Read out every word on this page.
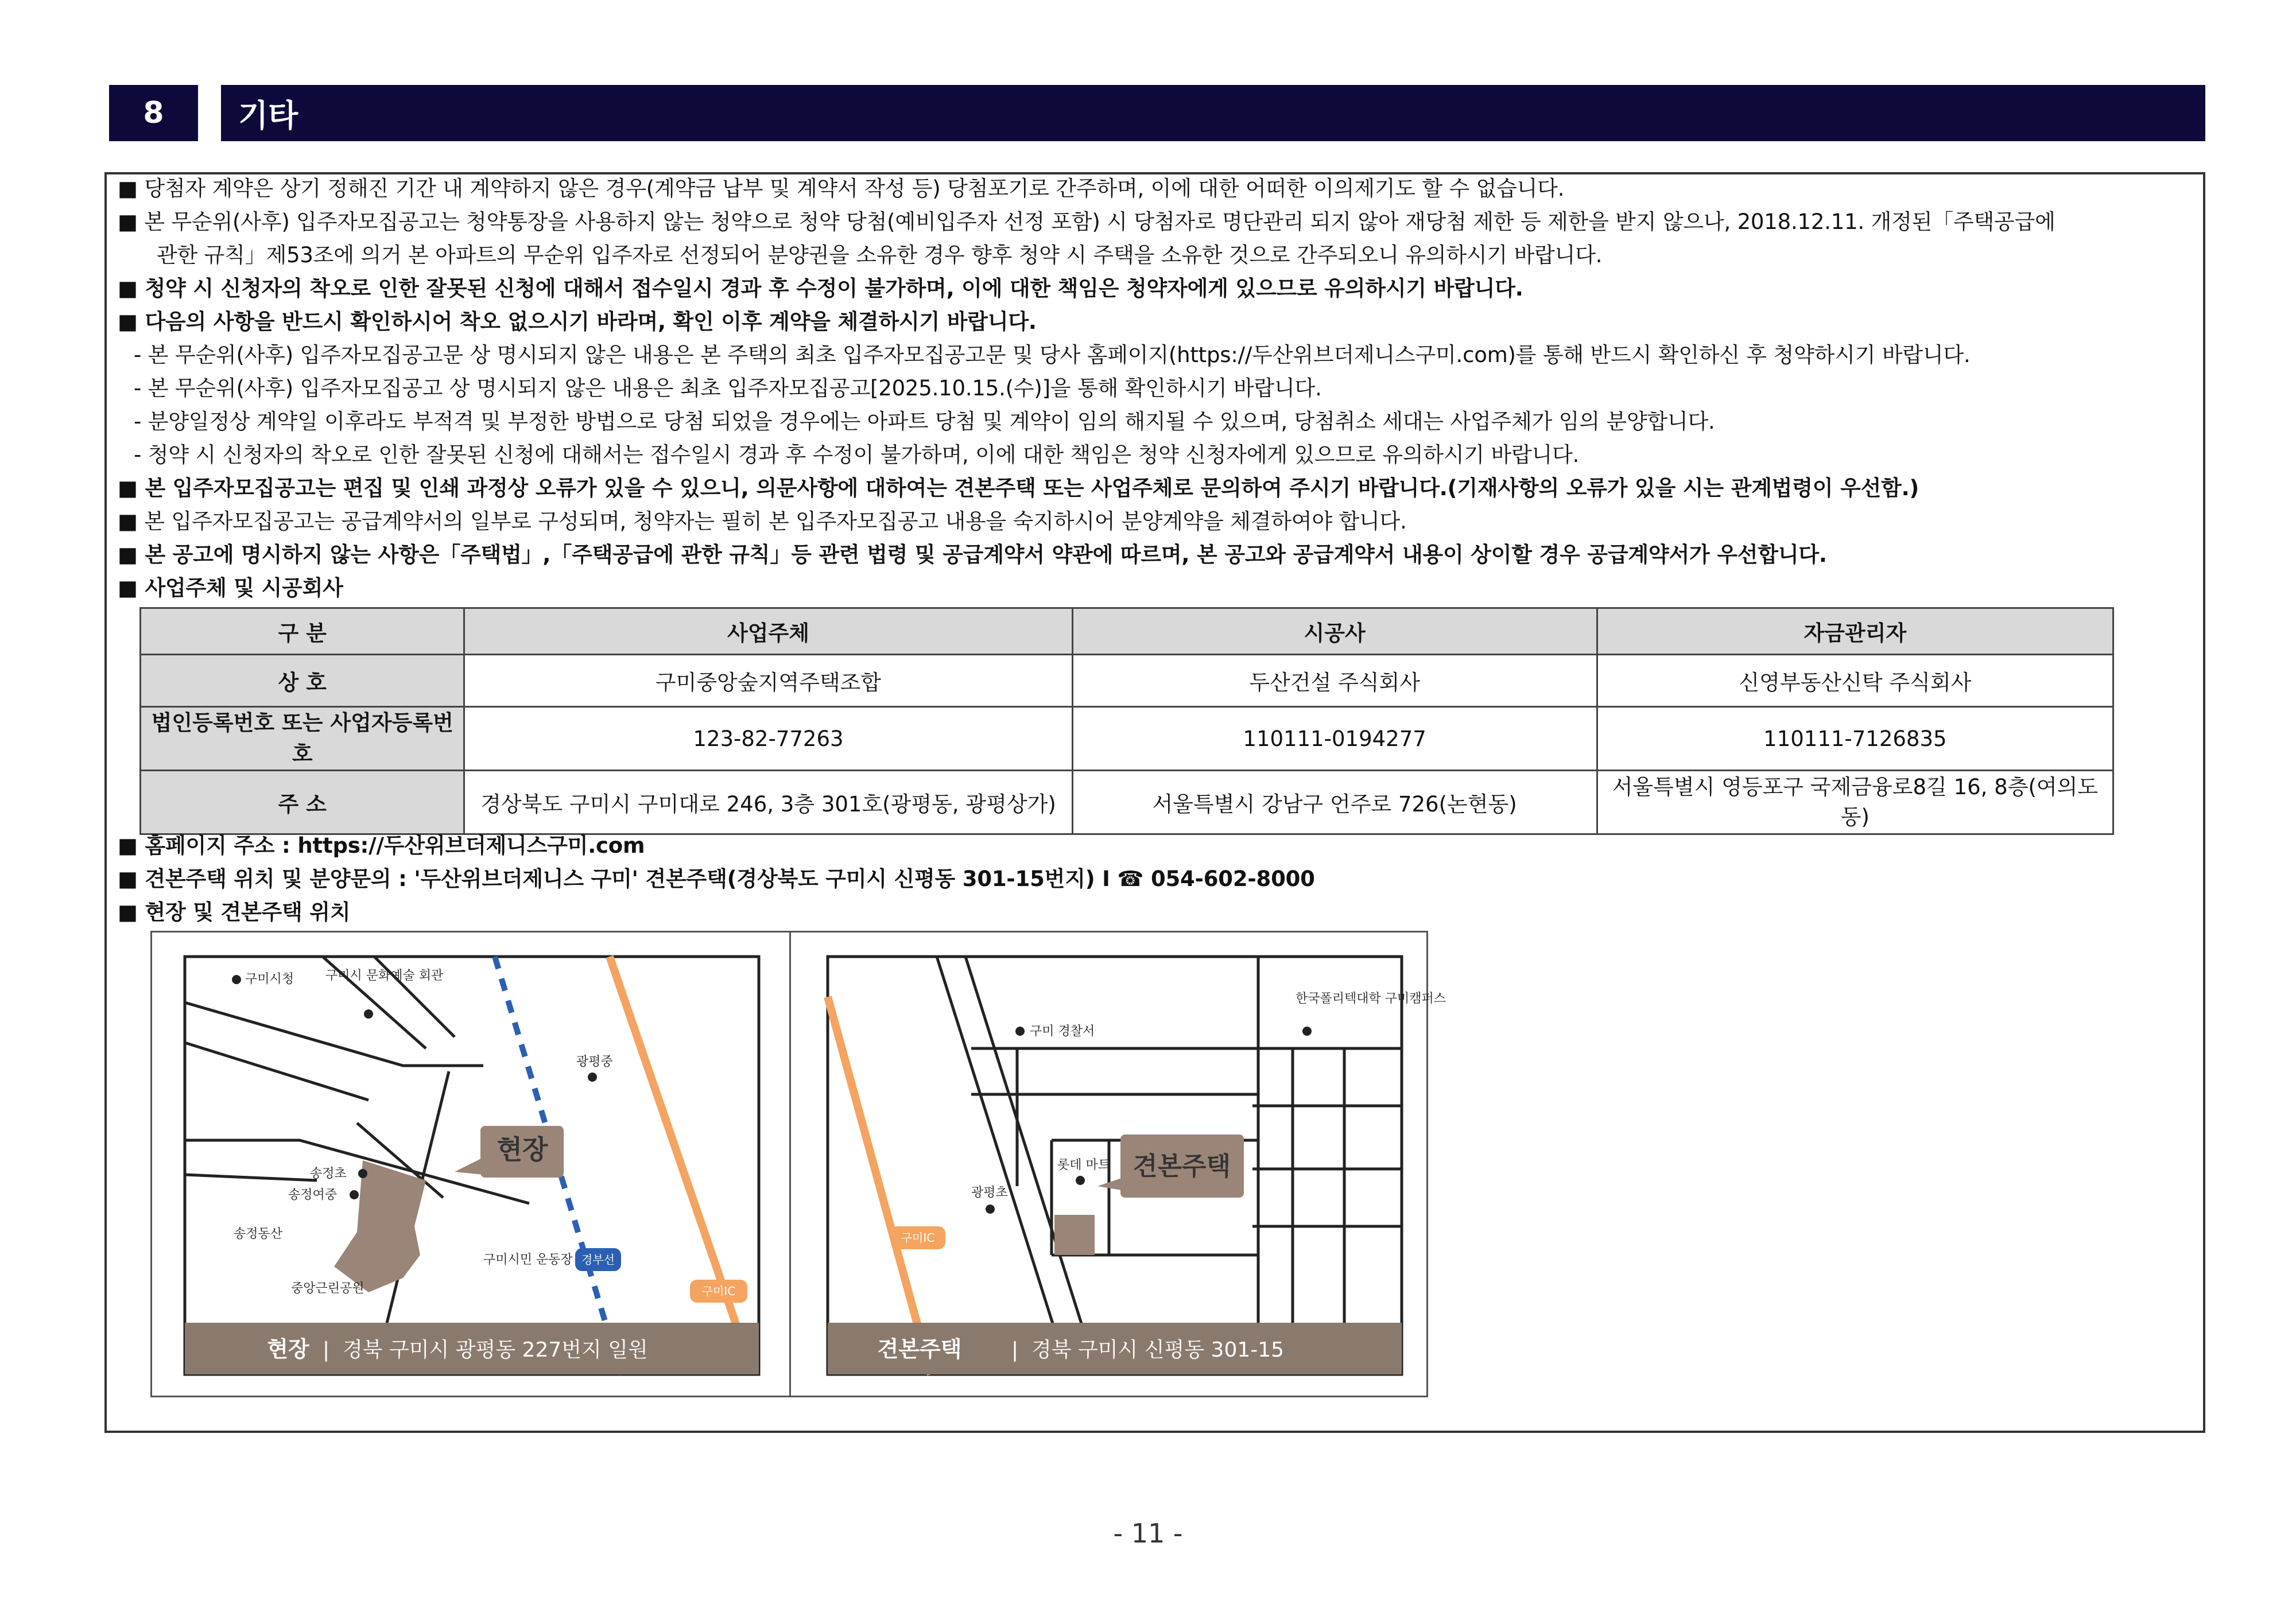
8	기타
■ 당첨자 계약은 상기 정해진 기간 내 계약하지 않은 경우(계약금 납부 및 계약서 작성 등) 당첨포기로 간주하며, 이에 대한 어떠한 이의제기도 할 수 없습니다.
■ 본 무순위(사후) 입주자모집공고는 청약통장을 사용하지 않는 청약으로 청약 당첨(예비입주자 선정 포함) 시 당첨자로 명단관리 되지 않아 재당첨 제한 등 제한을 받지 않으나, 2018.12.11. 개정된「주택공급에
관한 규칙」제53조에 의거 본 아파트의 무순위 입주자로 선정되어 분양권을 소유한 경우 향후 청약 시 주택을 소유한 것으로 간주되오니 유의하시기 바랍니다.
■ 청약 시 신청자의 착오로 인한 잘못된 신청에 대해서 접수일시 경과 후 수정이 불가하며, 이에 대한 책임은 청약자에게 있으므로 유의하시기 바랍니다.
■ 다음의 사항을 반드시 확인하시어 착오 없으시기 바라며, 확인 이후 계약을 체결하시기 바랍니다.
- 본 무순위(사후) 입주자모집공고문 상 명시되지 않은 내용은 본 주택의 최초 입주자모집공고문 및 당사 홈페이지(https://두산위브더제니스구미.com)를 통해 반드시 확인하신 후 청약하시기 바랍니다.
- 본 무순위(사후) 입주자모집공고 상 명시되지 않은 내용은 최초 입주자모집공고[2025.10.15.(수)]을 통해 확인하시기 바랍니다.
- 분양일정상 계약일 이후라도 부적격 및 부정한 방법으로 당첨 되었을 경우에는 아파트 당첨 및 계약이 임의 해지될 수 있으며, 당첨취소 세대는 사업주체가 임의 분양합니다.
- 청약 시 신청자의 착오로 인한 잘못된 신청에 대해서는 접수일시 경과 후 수정이 불가하며, 이에 대한 책임은 청약 신청자에게 있으므로 유의하시기 바랍니다.
■ 본 입주자모집공고는 편집 및 인쇄 과정상 오류가 있을 수 있으니, 의문사항에 대하여는 견본주택 또는 사업주체로 문의하여 주시기 바랍니다.(기재사항의 오류가 있을 시는 관계법령이 우선함.)
■ 본 입주자모집공고는 공급계약서의 일부로 구성되며, 청약자는 필히 본 입주자모집공고 내용을 숙지하시어 분양계약을 체결하여야 합니다.
■ 본 공고에 명시하지 않는 사항은「주택법」,「주택공급에 관한 규칙」등 관련 법령 및 공급계약서 약관에 따르며, 본 공고와 공급계약서 내용이 상이할 경우 공급계약서가 우선합니다.
■ 사업주체 및 시공회사
구 분	사업주체	시공사	자금관리자
상 호	구미중앙숲지역주택조합	두산건설 주식회사	신영부동산신탁 주식회사
법인등록번호 또는 사업자등록번호	123-82-77263	110111-0194277	110111-7126835
주 소	경상북도 구미시 구미대로 246, 3층 301호(광평동, 광평상가)	서울특별시 강남구 언주로 726(논현동)	서울특별시 영등포구 국제금융로8길 16, 8층(여의도동)
■ 홈페이지 주소 : https://두산위브더제니스구미.com
■ 견본주택 위치 및 분양문의 : '두산위브더제니스 구미' 견본주택(경상북도 구미시 신평동 301-15번지) I ☎ 054-602-8000
■ 현장 및 견본주택 위치
현장
구미시청 구미시 문화예술 회관
광평중
송정초
송정여중
송정동산
구미시민 운동장
중앙근린공원
경부선
구미IC
현장 | 경북 구미시 광평동 227번지 일원
견본주택
구미 경찰서
한국폴리텍대학 구미캠퍼스
롯데 마트
광평초
구미IC
견본주택 | 경북 구미시 신평동 301-15
- 11 -
